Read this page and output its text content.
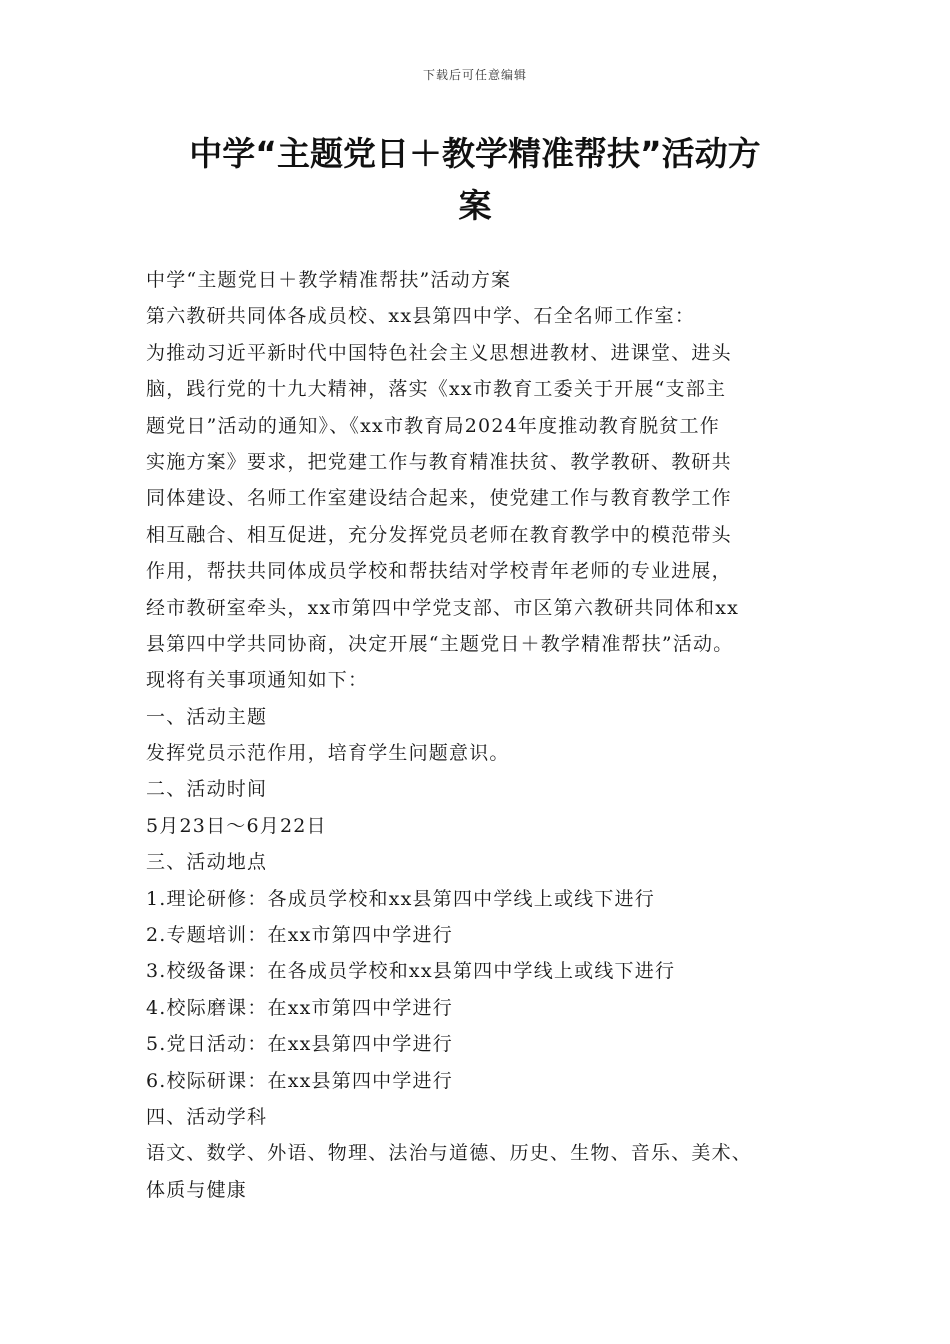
下载后可任意编辑
中学“主题党日＋教学精准帮扶”活动方
案
中学“主题党日＋教学精准帮扶”活动方案
第六教研共同体各成员校、xx县第四中学、石全名师工作室：
为推动习近平新时代中国特色社会主义思想进教材、进课堂、进头
脑，践行党的十九大精神，落实《xx市教育工委关于开展“支部主
题党日”活动的通知》、《xx市教育局2024年度推动教育脱贫工作
实施方案》要求，把党建工作与教育精准扶贫、教学教研、教研共
同体建设、名师工作室建设结合起来，使党建工作与教育教学工作
相互融合、相互促进，充分发挥党员老师在教育教学中的模范带头
作用，帮扶共同体成员学校和帮扶结对学校青年老师的专业进展，
经市教研室牵头，xx市第四中学党支部、市区第六教研共同体和xx
县第四中学共同协商，决定开展“主题党日＋教学精准帮扶”活动。
现将有关事项通知如下：
一、活动主题
发挥党员示范作用，培育学生问题意识。
二、活动时间
5月23日～6月22日
三、活动地点
1.理论研修：各成员学校和xx县第四中学线上或线下进行
2.专题培训：在xx市第四中学进行
3.校级备课：在各成员学校和xx县第四中学线上或线下进行
4.校际磨课：在xx市第四中学进行
5.党日活动：在xx县第四中学进行
6.校际研课：在xx县第四中学进行
四、活动学科
语文、数学、外语、物理、法治与道德、历史、生物、音乐、美术、
体质与健康
